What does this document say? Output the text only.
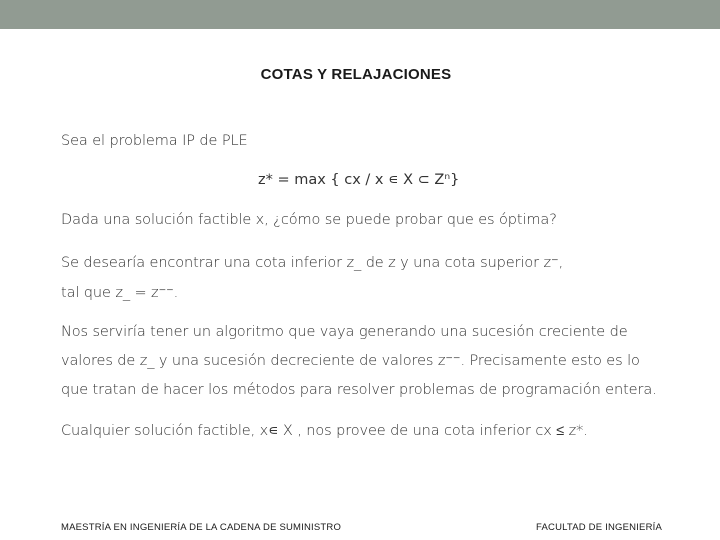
COTAS Y RELAJACIONES
Sea el problema IP de PLE
z* = max { cx / x ∊ X ⊂ Zⁿ}
Dada una solución factible x, ¿cómo se puede probar que es óptima?
Se desearía encontrar una cota inferior z_ de z y una cota superior z⁻,
tal que z_ = z⁻⁻.
Nos serviría tener un algoritmo que vaya generando una sucesión creciente de
valores de z_ y una sucesión decreciente de valores z⁻⁻. Precisamente esto es lo
que tratan de hacer los métodos para resolver problemas de programación entera.
Cualquier solución factible, x∊ X , nos provee de una cota inferior cx ≤ z*.
MAESTRÍA EN INGENIERÍA DE LA CADENA DE SUMINISTRO	FACULTAD DE INGENIERÍA
